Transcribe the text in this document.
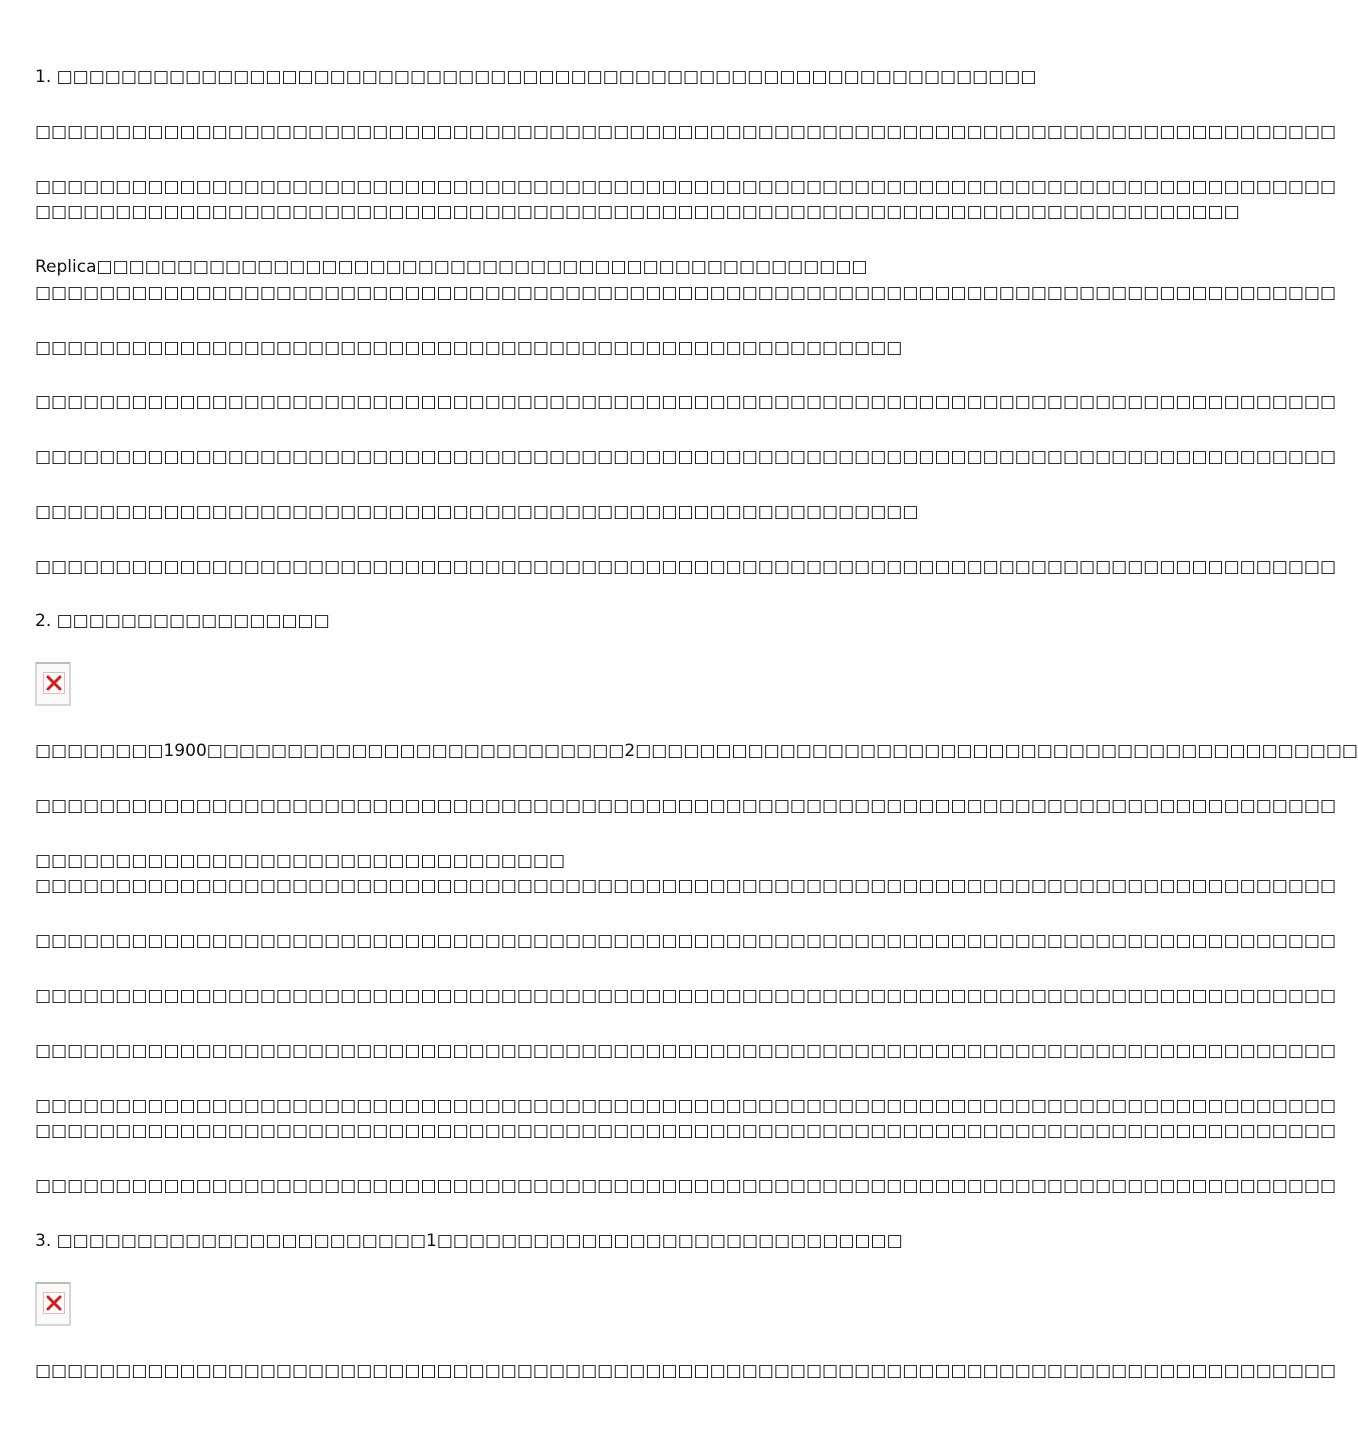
1. ​□□□□□□□□□□□□□□□□□□□□□□□□□□□□□□□□□□□□□□□□□□□□□□□□□□□□□□□□□□□□□
□□□□□□□□□□□□□□□□□□□□□□□□□□□□□□□□□□□□□□□□□□□□□□□□□□□□□□□□□□□□□□□□□□□□□□□□□□□□□□□□□
□□□□□□□□□□□□□□□□□□□□□□□□□□□□□□□□□□□□□□□□□□□□□□□□□□□□□□□□□□□□□□□□□□□□□□□□□□□□□□□□□
□□□□□□□□□□□□□□□□□□□□□□□□□□□□□□□□□□□□□□□□□□□□□□□□□□□□□□□□□□□□□□□□□□□□□□□□□□□
Replica□□□□□□□□□□□□□□□□□□□□□□□□□□□□□□□□□□□□□□□□□□□□□□□□
□□□□□□□□□□□□□□□□□□□□□□□□□□□□□□□□□□□□□□□□□□□□□□□□□□□□□□□□□□□□□□□□□□□□□□□□□□□□□□□□□
□□□□□□□□□□□□□□□□□□□□□□□□□□□□□□□□□□□□□□□□□□□□□□□□□□□□□□
□□□□□□□□□□□□□□□□□□□□□□□□□□□□□□□□□□□□□□□□□□□□□□□□□□□□□□□□□□□□□□□□□□□□□□□□□□□□□□□□□
□□□□□□□□□□□□□□□□□□□□□□□□□□□□□□□□□□□□□□□□□□□□□□□□□□□□□□□□□□□□□□□□□□□□□□□□□□□□□□□□□
□□□□□□□□□□□□□□□□□□□□□□□□□□□□□□□□□□□□□□□□□□□□□□□□□□□□□□□
□□□□□□□□□□□□□□□□□□□□□□□□□□□□□□□□□□□□□□□□□□□□□□□□□□□□□□□□□□□□□□□□□□□□□□□□□□□□□□□□□
2. □□□□□□□□□□□□□□□□□
□□□□□□□□1900□□□□□□□□□□□□□□□□□□□□□□□□□□2□□□□□□□□□□□□□□□□□□□□□□□□□□□□□□□□□□□□□□□□□□□□□
□□□□□□□□□□□□□□□□□□□□□□□□□□□□□□□□□□□□□□□□□□□□□□□□□□□□□□□□□□□□□□□□□□□□□□□□□□□□□□□□□
□□□□□□□□□□□□□□□□□□□□□□□□□□□□□□□□□
□□□□□□□□□□□□□□□□□□□□□□□□□□□□□□□□□□□□□□□□□□□□□□□□□□□□□□□□□□□□□□□□□□□□□□□□□□□□□□□□□
□□□□□□□□□□□□□□□□□□□□□□□□□□□□□□□□□□□□□□□□□□□□□□□□□□□□□□□□□□□□□□□□□□□□□□□□□□□□□□□□□
□□□□□□□□□□□□□□□□□□□□□□□□□□□□□□□□□□□□□□□□□□□□□□□□□□□□□□□□□□□□□□□□□□□□□□□□□□□□□□□□□
□□□□□□□□□□□□□□□□□□□□□□□□□□□□□□□□□□□□□□□□□□□□□□□□□□□□□□□□□□□□□□□□□□□□□□□□□□□□□□□□□
□□□□□□□□□□□□□□□□□□□□□□□□□□□□□□□□□□□□□□□□□□□□□□□□□□□□□□□□□□□□□□□□□□□□□□□□□□□□□□□□□
□□□□□□□□□□□□□□□□□□□□□□□□□□□□□□□□□□□□□□□□□□□□□□□□□□□□□□□□□□□□□□□□□□□□□□□□□□□□□□□□□
□□□□□□□□□□□□□□□□□□□□□□□□□□□□□□□□□□□□□□□□□□□□□□□□□□□□□□□□□□□□□□□□□□□□□□□□□□□□□□□□□
3. □□□□□□□□□□□□□□□□□□□□□□□1□□□□□□□□□□□□□□□□□□□□□□□□□□□□□
□□□□□□□□□□□□□□□□□□□□□□□□□□□□□□□□□□□□□□□□□□□□□□□□□□□□□□□□□□□□□□□□□□□□□□□□□□□□□□□□□
